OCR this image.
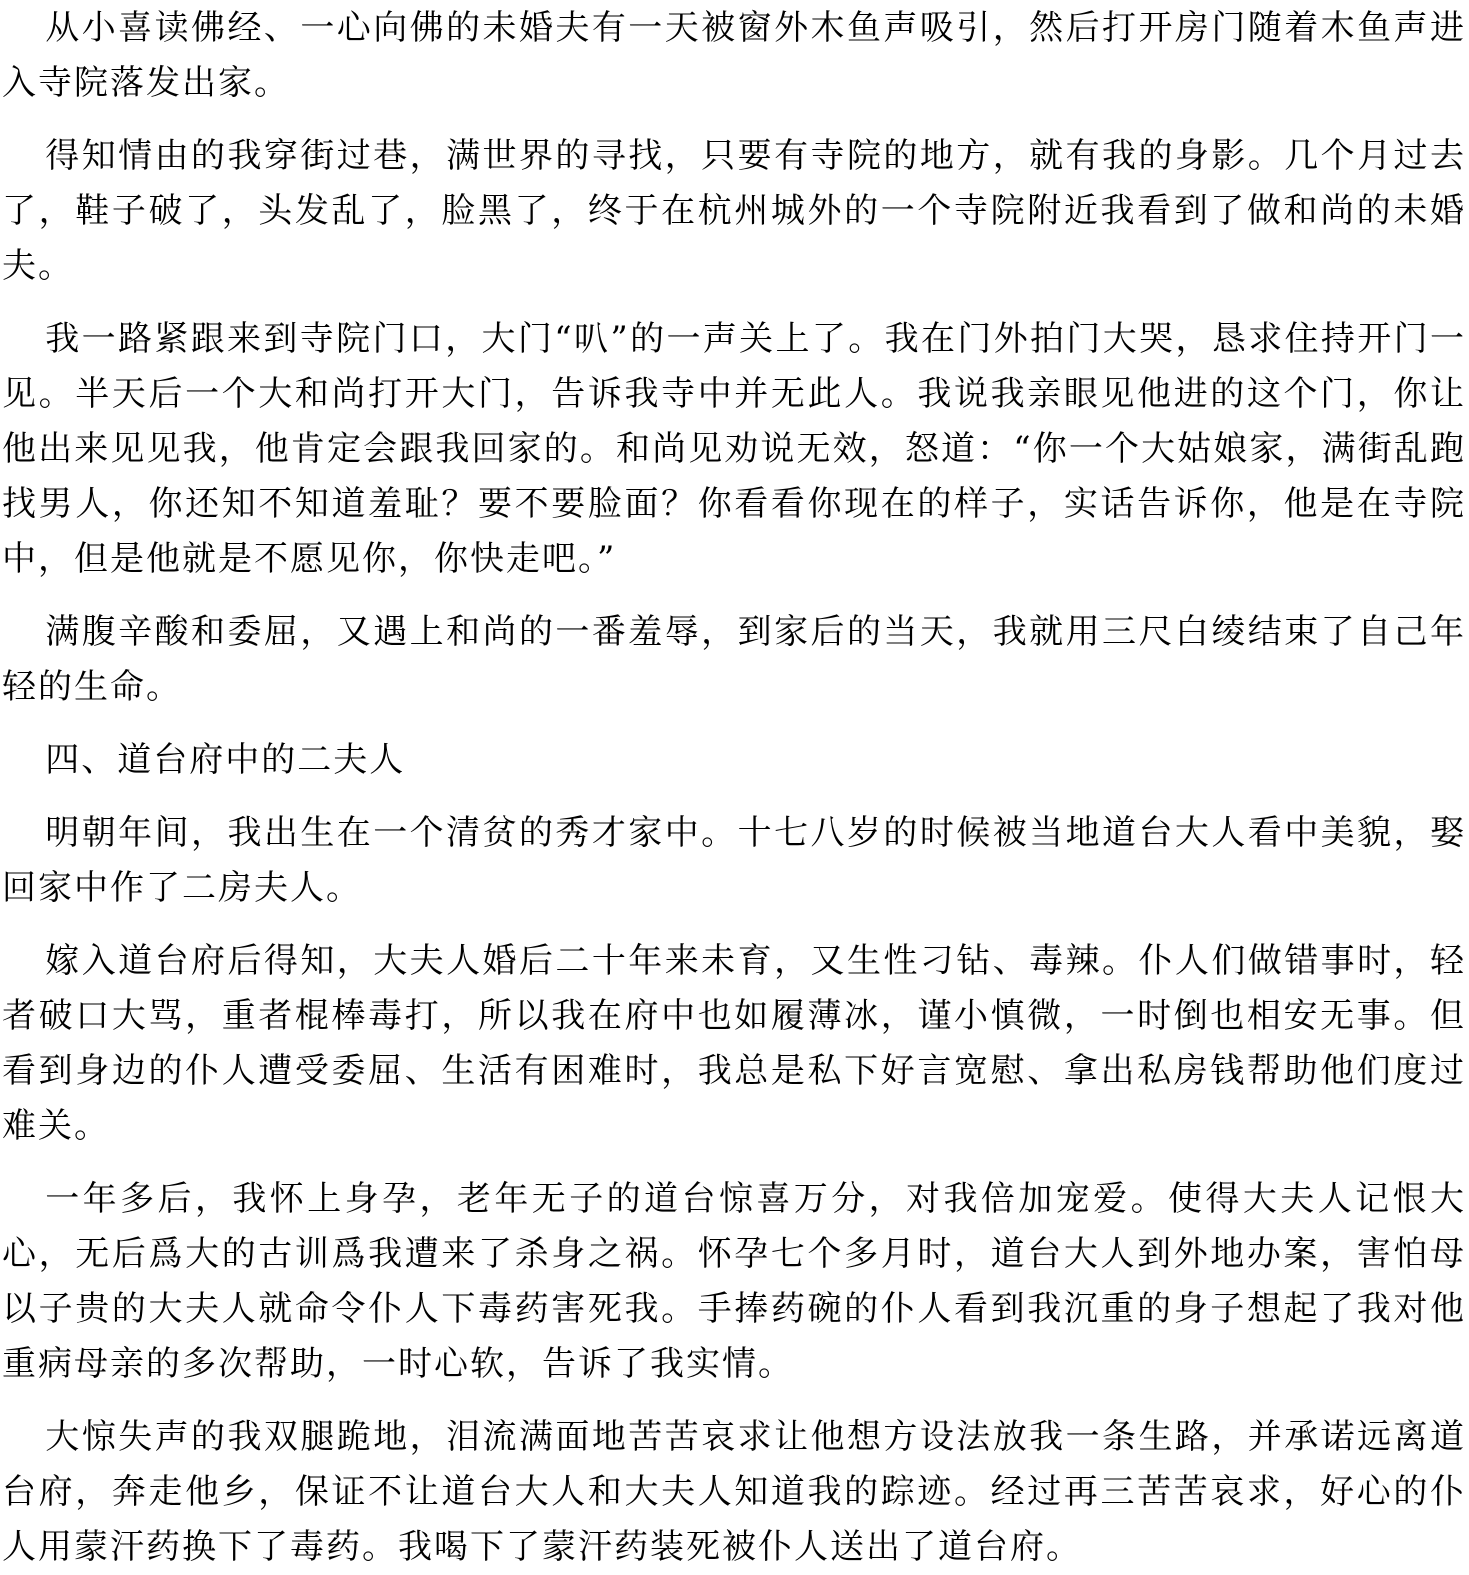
从小喜读佛经、一心向佛的未婚夫有一天被窗外木鱼声吸引，然后打开房门随着木鱼声进入寺院落发出家。

得知情由的我穿街过巷，满世界的寻找，只要有寺院的地方，就有我的身影。几个月过去了，鞋子破了，头发乱了，脸黑了，终于在杭州城外的一个寺院附近我看到了做和尚的未婚夫。

我一路紧跟来到寺院门口，大门“叭”的一声关上了。我在门外拍门大哭，恳求住持开门一见。半天后一个大和尚打开大门，告诉我寺中并无此人。我说我亲眼见他进的这个门，你让他出来见见我，他肯定会跟我回家的。和尚见劝说无效，怒道：“你一个大姑娘家，满街乱跑找男人，你还知不知道羞耻？要不要脸面？你看看你现在的样子，实话告诉你，他是在寺院中，但是他就是不愿见你，你快走吧。”

满腹辛酸和委屈，又遇上和尚的一番羞辱，到家后的当天，我就用三尺白绫结束了自己年轻的生命。

四、道台府中的二夫人

明朝年间，我出生在一个清贫的秀才家中。十七八岁的时候被当地道台大人看中美貌，娶回家中作了二房夫人。

嫁入道台府后得知，大夫人婚后二十年来未育，又生性刁钻、毒辣。仆人们做错事时，轻者破口大骂，重者棍棒毒打，所以我在府中也如履薄冰，谨小慎微，一时倒也相安无事。但看到身边的仆人遭受委屈、生活有困难时，我总是私下好言宽慰、拿出私房钱帮助他们度过难关。

一年多后，我怀上身孕，老年无子的道台惊喜万分，对我倍加宠爱。使得大夫人记恨大心，无后爲大的古训爲我遭来了杀身之祸。怀孕七个多月时，道台大人到外地办案，害怕母以子贵的大夫人就命令仆人下毒药害死我。手捧药碗的仆人看到我沉重的身子想起了我对他重病母亲的多次帮助，一时心软，告诉了我实情。

大惊失声的我双腿跪地，泪流满面地苦苦哀求让他想方设法放我一条生路，并承诺远离道台府，奔走他乡，保证不让道台大人和大夫人知道我的踪迹。经过再三苦苦哀求，好心的仆人用蒙汗药换下了毒药。我喝下了蒙汗药装死被仆人送出了道台府。
